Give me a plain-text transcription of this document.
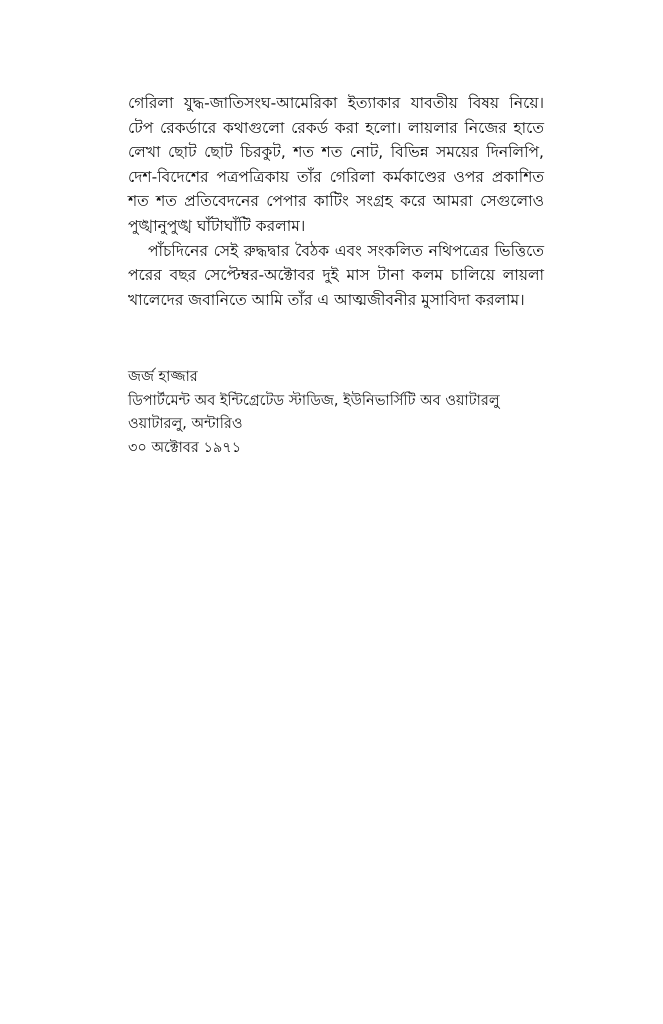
গেরিলা যুদ্ধ-জাতিসংঘ-আমেরিকা ইত্যাকার যাবতীয় বিষয় নিয়ে।
টেপ রেকর্ডারে কথাগুলো রেকর্ড করা হলো। লায়লার নিজের হাতে
লেখা ছোট ছোট চিরকুট, শত শত নোট, বিভিন্ন সময়ের দিনলিপি,
দেশ-বিদেশের পত্রপত্রিকায় তাঁর গেরিলা কর্মকাণ্ডের ওপর প্রকাশিত
শত শত প্রতিবেদনের পেপার কাটিং সংগ্রহ করে আমরা সেগুলোও
পুঙ্খানুপুঙ্খ ঘাঁটাঘাঁটি করলাম।
পাঁচদিনের সেই রুদ্ধদ্বার বৈঠক এবং সংকলিত নথিপত্রের ভিত্তিতে
পরের বছর সেপ্টেম্বর-অক্টোবর দুই মাস টানা কলম চালিয়ে লায়লা
খালেদের জবানিতে আমি তাঁর এ আত্মজীবনীর মুসাবিদা করলাম।
জর্জ হাজ্জার
ডিপার্টমেন্ট অব ইন্টিগ্রেটেড স্টাডিজ, ইউনিভার্সিটি অব ওয়াটারলু
ওয়াটারলু, অন্টারিও
৩০ অক্টোবর ১৯৭১
